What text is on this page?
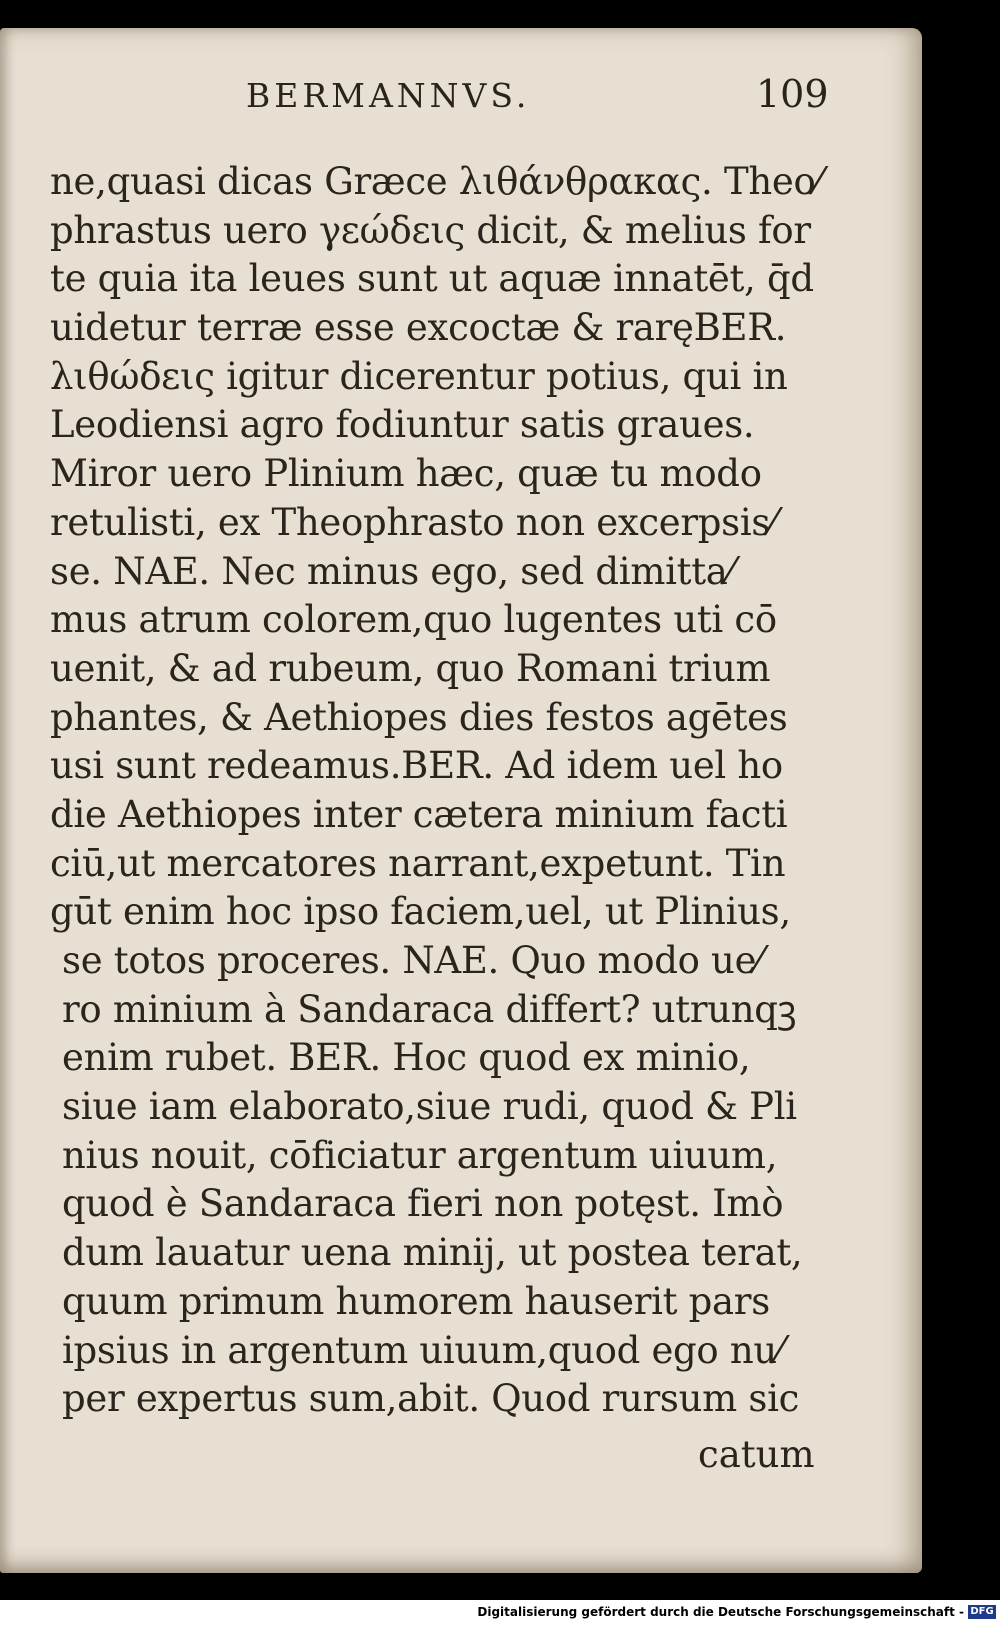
BERMANNVS.	109
ne,quasi dicas Græce λιθάνθρακας. Theo⁄
phrastus uero γεώδεις dicit, & melius for
te quia ita leues sunt ut aquæ innatēt, q̄d
uidetur terræ esse excoctæ & raręBER.
λιθώδεις igitur dicerentur potius, qui in
Leodiensi agro fodiuntur satis graues.
Miror uero Plinium hæc, quæ tu modo
retulisti, ex Theophrasto non excerpsis⁄
se. NAE. Nec minus ego, sed dimitta⁄
mus atrum colorem,quo lugentes uti cō
uenit, & ad rubeum, quo Romani trium
phantes, & Aethiopes dies festos agētes
usi sunt redeamus.BER. Ad idem uel ho
die Aethiopes inter cætera minium facti
ciū,ut mercatores narrant,expetunt. Tin
gūt enim hoc ipso faciem,uel, ut Plinius,
se totos proceres. NAE. Quo modo ue⁄
ro minium à Sandaraca differt? utrunqꝫ
enim rubet. BER. Hoc quod ex minio,
siue iam elaborato,siue rudi, quod & Pli
nius nouit, cōficiatur argentum uiuum,
quod è Sandaraca fieri non potęst. Imò
dum lauatur uena minij, ut postea terat,
quum primum humorem hauserit pars
ipsius in argentum uiuum,quod ego nu⁄
per expertus sum,abit. Quod rursum sic
catum
Digitalisierung gefördert durch die Deutsche Forschungsgemeinschaft - DFG
